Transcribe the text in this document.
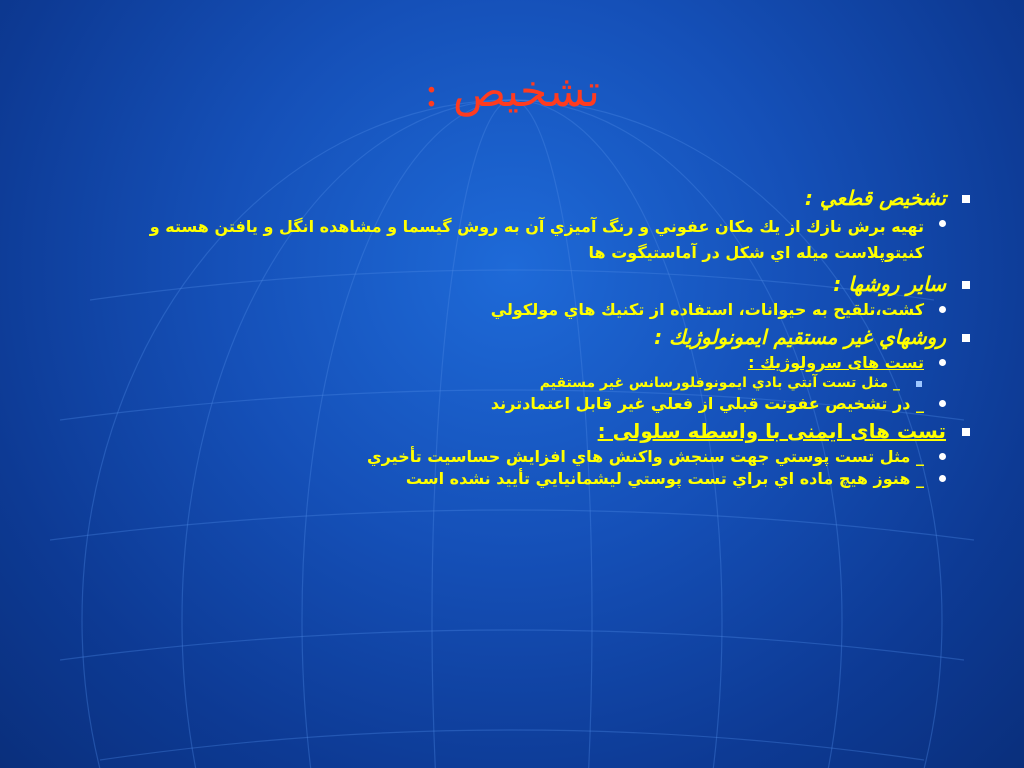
تشخيص :
تشخيص قطعي :
تهيه برش نازك از يك مكان عفوني و رنگ آميزي آن به روش گيسما و مشاهده انگل و يافتن هسته و كنيتوپلاست ميله اي شكل در آماستيگوت ها
ساير روشها :
كشت،تلقيح به حيوانات، استفاده از تكنيك هاي مولكولي
روشهاي غير مستقيم ايمونولوژيك :
تست های سرولوژيك :
_ مثل تست آنتي بادي ايمونوفلورسانس غير مستقيم
_ در تشخيص عفونت قبلي از فعلي غير قابل اعتمادترند
تست های ايمنی با واسطه سلولی :
_ مثل تست پوستي جهت سنجش واكنش هاي افزايش حساسيت تأخيري
_ هنوز هيچ ماده اي براي تست پوستي ليشمانيايي تأييد نشده است
